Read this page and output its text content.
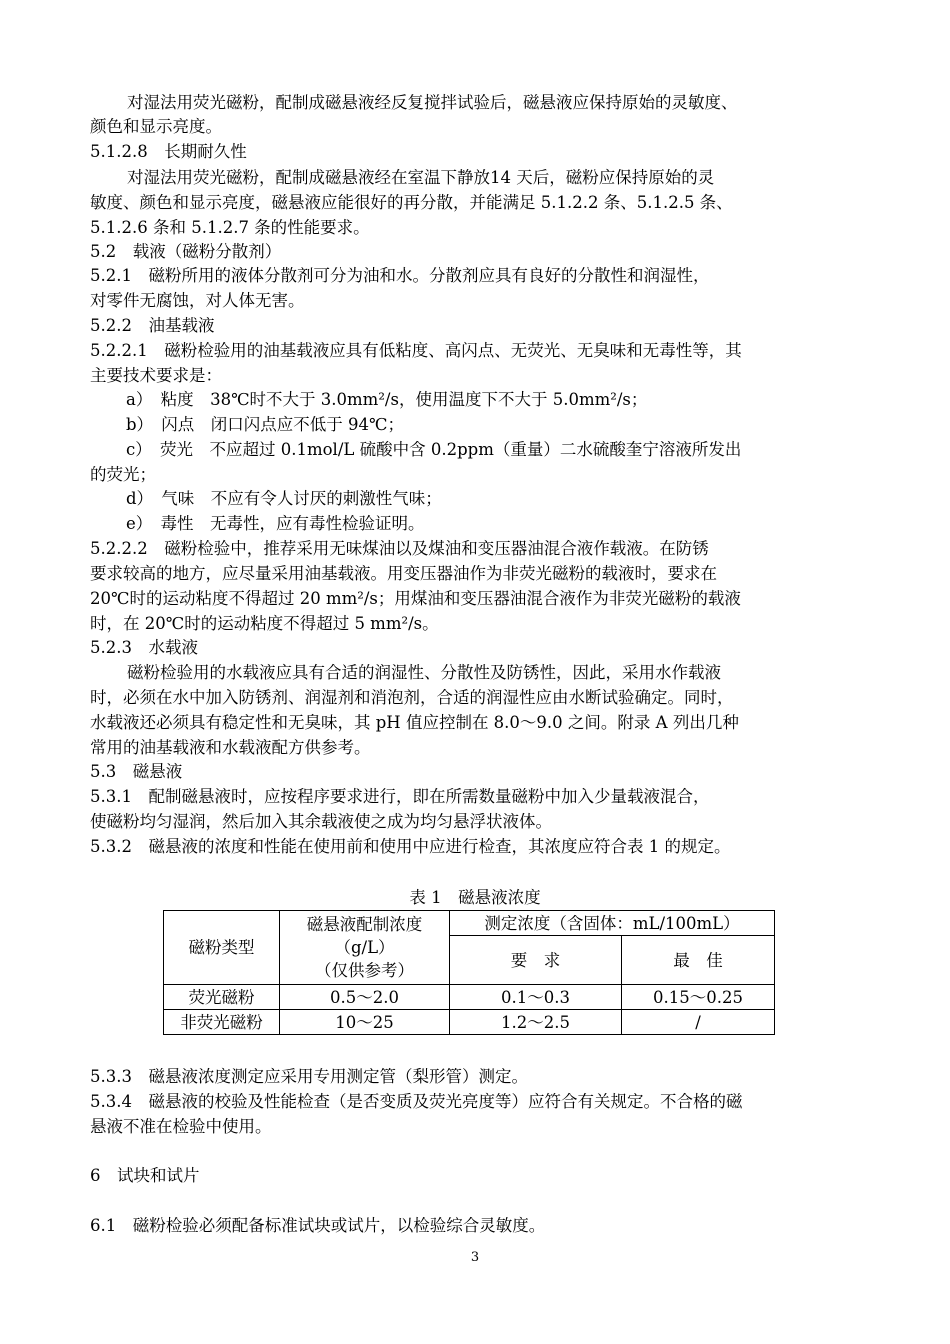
对湿法用荧光磁粉，配制成磁悬液经反复搅拌试验后，磁悬液应保持原始的灵敏度、
颜色和显示亮度。
5.1.2.8　长期耐久性
对湿法用荧光磁粉，配制成磁悬液经在室温下静放14 天后，磁粉应保持原始的灵
敏度、颜色和显示亮度，磁悬液应能很好的再分散，并能满足 5.1.2.2 条、5.1.2.5 条、
5.1.2.6 条和 5.1.2.7 条的性能要求。
5.2　载液（磁粉分散剂）
5.2.1　磁粉所用的液体分散剂可分为油和水。分散剂应具有良好的分散性和润湿性，
对零件无腐蚀，对人体无害。
5.2.2　油基载液
5.2.2.1　磁粉检验用的油基载液应具有低粘度、高闪点、无荧光、无臭味和无毒性等，其
主要技术要求是：
a）　粘度　38℃时不大于 3.0mm²/s，使用温度下不大于 5.0mm²/s；
b）　闪点　闭口闪点应不低于 94℃；
c）　荧光　不应超过 0.1mol/L 硫酸中含 0.2ppm（重量）二水硫酸奎宁溶液所发出
的荧光；
d）　气味　不应有令人讨厌的刺激性气味；
e）　毒性　无毒性，应有毒性检验证明。
5.2.2.2　磁粉检验中，推荐采用无味煤油以及煤油和变压器油混合液作载液。在防锈
要求较高的地方，应尽量采用油基载液。用变压器油作为非荧光磁粉的载液时，要求在
20℃时的运动粘度不得超过 20 mm²/s；用煤油和变压器油混合液作为非荧光磁粉的载液
时，在 20℃时的运动粘度不得超过 5 mm²/s。
5.2.3　水载液
磁粉检验用的水载液应具有合适的润湿性、分散性及防锈性，因此，采用水作载液
时，必须在水中加入防锈剂、润湿剂和消泡剂，合适的润湿性应由水断试验确定。同时，
水载液还必须具有稳定性和无臭味，其 pH 值应控制在 8.0～9.0 之间。附录 A 列出几种
常用的油基载液和水载液配方供参考。
5.3　磁悬液
5.3.1　配制磁悬液时，应按程序要求进行，即在所需数量磁粉中加入少量载液混合，
使磁粉均匀湿润，然后加入其余载液使之成为均匀悬浮状液体。
5.3.2　磁悬液的浓度和性能在使用前和使用中应进行检查，其浓度应符合表 1 的规定。
表 1　磁悬液浓度
磁粉类型	磁悬液配制浓度
（g/L）
（仅供参考）	测定浓度（含固体：mL/100mL）	
		要　求	最　佳
荧光磁粉	0.5～2.0	0.1～0.3	0.15～0.25
非荧光磁粉	10～25	1.2～2.5	/
5.3.3　磁悬液浓度测定应采用专用测定管（梨形管）测定。
5.3.4　磁悬液的校验及性能检查（是否变质及荧光亮度等）应符合有关规定。不合格的磁
悬液不准在检验中使用。
6　试块和试片
6.1　磁粉检验必须配备标准试块或试片，以检验综合灵敏度。
3
